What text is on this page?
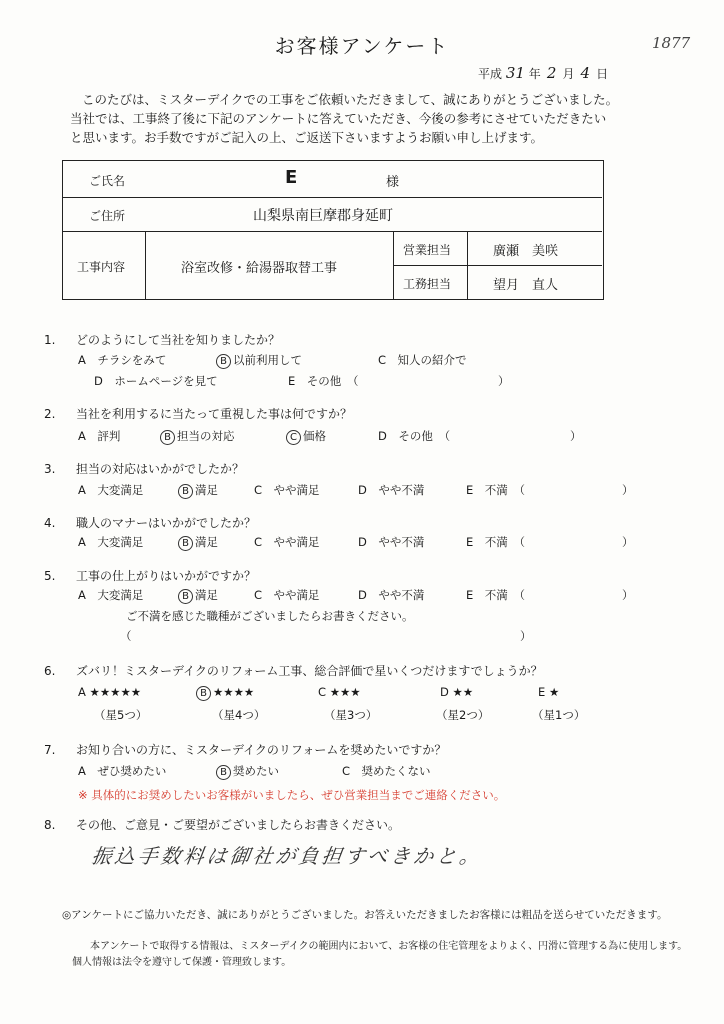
お客様アンケート	1877
平成 31 年 2 月 4 日
このたびは、ミスターデイクでの工事をご依頼いただきまして、誠にありがとうございました。
当社では、工事終了後に下記のアンケートに答えていただき、今後の参考にさせていただきたい
と思います。お手数ですがご記入の上、ご返送下さいますようお願い申し上げます。
ご氏名	E	様
ご住所	山梨県南巨摩郡身延町
工事内容	浴室改修・給湯器取替工事
営業担当	廣瀬　美咲
工務担当	望月　直人
1. どのようにして当社を知りましたか？
A　チラシをみて	B 以前利用して	C　知人の紹介で
D　ホームページを見て	E　その他　（	）
2. 当社を利用するに当たって重視した事は何ですか？
A　評判	B 担当の対応	C 価格	D　その他　（	）
3. 担当の対応はいかがでしたか？
A　大変満足	B 満足	C　やや満足	D　やや不満	E　不満　（	）
4. 職人のマナーはいかがでしたか？
A　大変満足	B 満足	C　やや満足	D　やや不満	E　不満　（	）
5. 工事の仕上がりはいかがですか？
A　大変満足	B 満足	C　やや満足	D　やや不満	E　不満　（	）
ご不満を感じた職種がございましたらお書きください。
（	）
6. ズバリ！ミスターデイクのリフォーム工事、総合評価で星いくつだけますでしょうか？
A ★★★★★	B ★★★★	C ★★★	D ★★	E ★
（星5つ）	（星4つ）	（星3つ）	（星2つ）	（星1つ）
7. お知り合いの方に、ミスターデイクのリフォームを奨めたいですか？
A　ぜひ奨めたい	B 奨めたい	C　奨めたくない
※ 具体的にお奨めしたいお客様がいましたら、ぜひ営業担当までご連絡ください。
8. その他、ご意見・ご要望がございましたらお書きください。
振込手数料は御社が負担すべきかと。
◎アンケートにご協力いただき、誠にありがとうございました。お答えいただきましたお客様には粗品を送らせていただきます。
本アンケートで取得する情報は、ミスターデイクの範囲内において、お客様の住宅管理をよりよく、円滑に管理する為に使用します。
個人情報は法令を遵守して保護・管理致します。
